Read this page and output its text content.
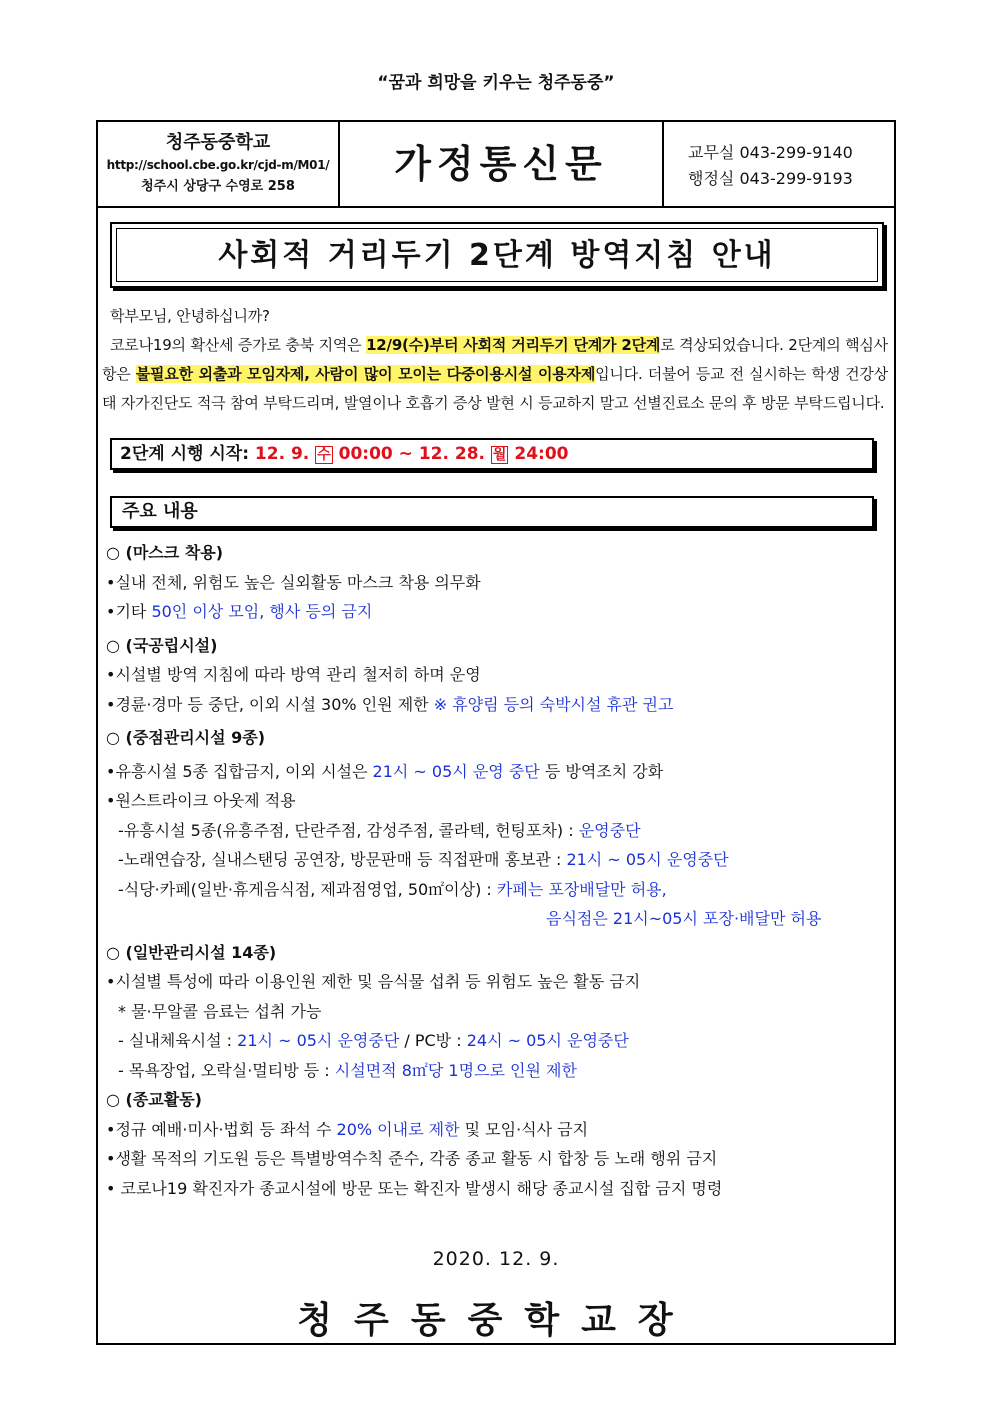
“꿈과 희망을 키우는 청주동중”
청주동중학교
http://school.cbe.go.kr/cjd-m/M01/
청주시 상당구 수영로 258
가정통신문	교무실 043-299-9140
행정실 043-299-9193
사회적 거리두기 2단계 방역지침 안내
학부모님, 안녕하십니까?
코로나19의 확산세 증가로 충북 지역은 12/9(수)부터 사회적 거리두기 단계가 2단계로 격상되었습니다. 2단계의 핵심사항은 불필요한 외출과 모임자제, 사람이 많이 모이는 다중이용시설 이용자제입니다. 더불어 등교 전 실시하는 학생 건강상태 자가진단도 적극 참여 부탁드리며, 발열이나 호흡기 증상 발현 시 등교하지 말고 선별진료소 문의 후 방문 부탁드립니다.
2단계 시행 시작: 12. 9. 수 00:00 ~ 12. 28. 월 24:00
주요 내용
○ (마스크 착용)
•실내 전체, 위험도 높은 실외활동 마스크 착용 의무화
•기타 50인 이상 모임, 행사 등의 금지
○ (국공립시설)
•시설별 방역 지침에 따라 방역 관리 철저히 하며 운영
•경륜·경마 등 중단, 이외 시설 30% 인원 제한 ※ 휴양림 등의 숙박시설 휴관 권고
○ (중점관리시설 9종)
•유흥시설 5종 집합금지, 이외 시설은 21시 ~ 05시 운영 중단 등 방역조치 강화
•원스트라이크 아웃제 적용
-유흥시설 5종(유흥주점, 단란주점, 감성주점, 콜라텍, 헌팅포차) : 운영중단
-노래연습장, 실내스탠딩 공연장, 방문판매 등 직접판매 홍보관 : 21시 ~ 05시 운영중단
-식당·카페(일반·휴게음식점, 제과점영업, 50㎡이상) : 카페는 포장배달만 허용,
음식점은 21시~05시 포장·배달만 허용
○ (일반관리시설 14종)
•시설별 특성에 따라 이용인원 제한 및 음식물 섭취 등 위험도 높은 활동 금지
* 물·무알콜 음료는 섭취 가능
- 실내체육시설 : 21시 ~ 05시 운영중단 / PC방 : 24시 ~ 05시 운영중단
- 목욕장업, 오락실·멀티방 등 : 시설면적 8㎡당 1명으로 인원 제한
○ (종교활동)
•정규 예배·미사·법회 등 좌석 수 20% 이내로 제한 및 모임·식사 금지
•생활 목적의 기도원 등은 특별방역수칙 준수, 각종 종교 활동 시 합창 등 노래 행위 금지
• 코로나19 확진자가 종교시설에 방문 또는 확진자 발생시 해당 종교시설 집합 금지 명령
2020. 12. 9.
청주동중학교장
